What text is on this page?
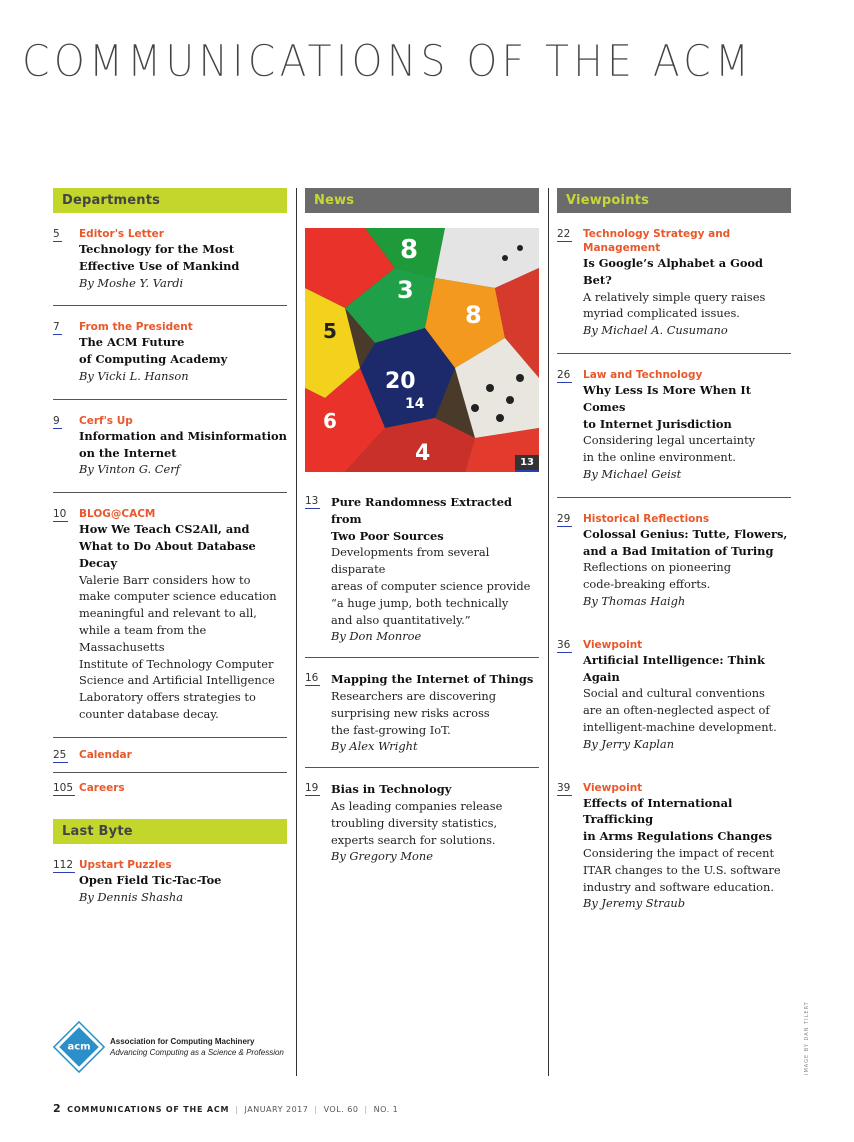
COMMUNICATIONS OF THE ACM
Departments
5 Editor's Letter
Technology for the Most
Effective Use of Mankind
By Moshe Y. Vardi
7 From the President
The ACM Future
of Computing Academy
By Vicki L. Hanson
9 Cerf's Up
Information and Misinformation
on the Internet
By Vinton G. Cerf
10 BLOG@CACM
How We Teach CS2All, and
What to Do About Database Decay
Valerie Barr considers how to
make computer science education
meaningful and relevant to all,
while a team from the Massachusetts
Institute of Technology Computer
Science and Artificial Intelligence
Laboratory offers strategies to
counter database decay.
25 Calendar
105 Careers
Last Byte
112 Upstart Puzzles
Open Field Tic-Tac-Toe
By Dennis Shasha
News
8
3
8
5
20
14
6
4	13
13 Pure Randomness Extracted from
Two Poor Sources
Developments from several disparate
areas of computer science provide
“a huge jump, both technically
and also quantitatively.”
By Don Monroe
16 Mapping the Internet of Things
Researchers are discovering
surprising new risks across
the fast-growing IoT.
By Alex Wright
19 Bias in Technology
As leading companies release
troubling diversity statistics,
experts search for solutions.
By Gregory Mone
Viewpoints
22 Technology Strategy and Management
Is Google’s Alphabet a Good Bet?
A relatively simple query raises
myriad complicated issues.
By Michael A. Cusumano
26 Law and Technology
Why Less Is More When It Comes
to Internet Jurisdiction
Considering legal uncertainty
in the online environment.
By Michael Geist
29 Historical Reflections
Colossal Genius: Tutte, Flowers,
and a Bad Imitation of Turing
Reflections on pioneering
code-breaking efforts.
By Thomas Haigh
36 Viewpoint
Artificial Intelligence: Think Again
Social and cultural conventions
are an often-neglected aspect of
intelligent-machine development.
By Jerry Kaplan
39 Viewpoint
Effects of International Trafficking
in Arms Regulations Changes
Considering the impact of recent
ITAR changes to the U.S. software
industry and software education.
By Jeremy Straub
acm Association for Computing Machinery
Advancing Computing as a Science & Profession	IMAGE BY DAN TILERT
2 COMMUNICATIONS OF THE ACM | JANUARY 2017 | VOL. 60 | NO. 1
